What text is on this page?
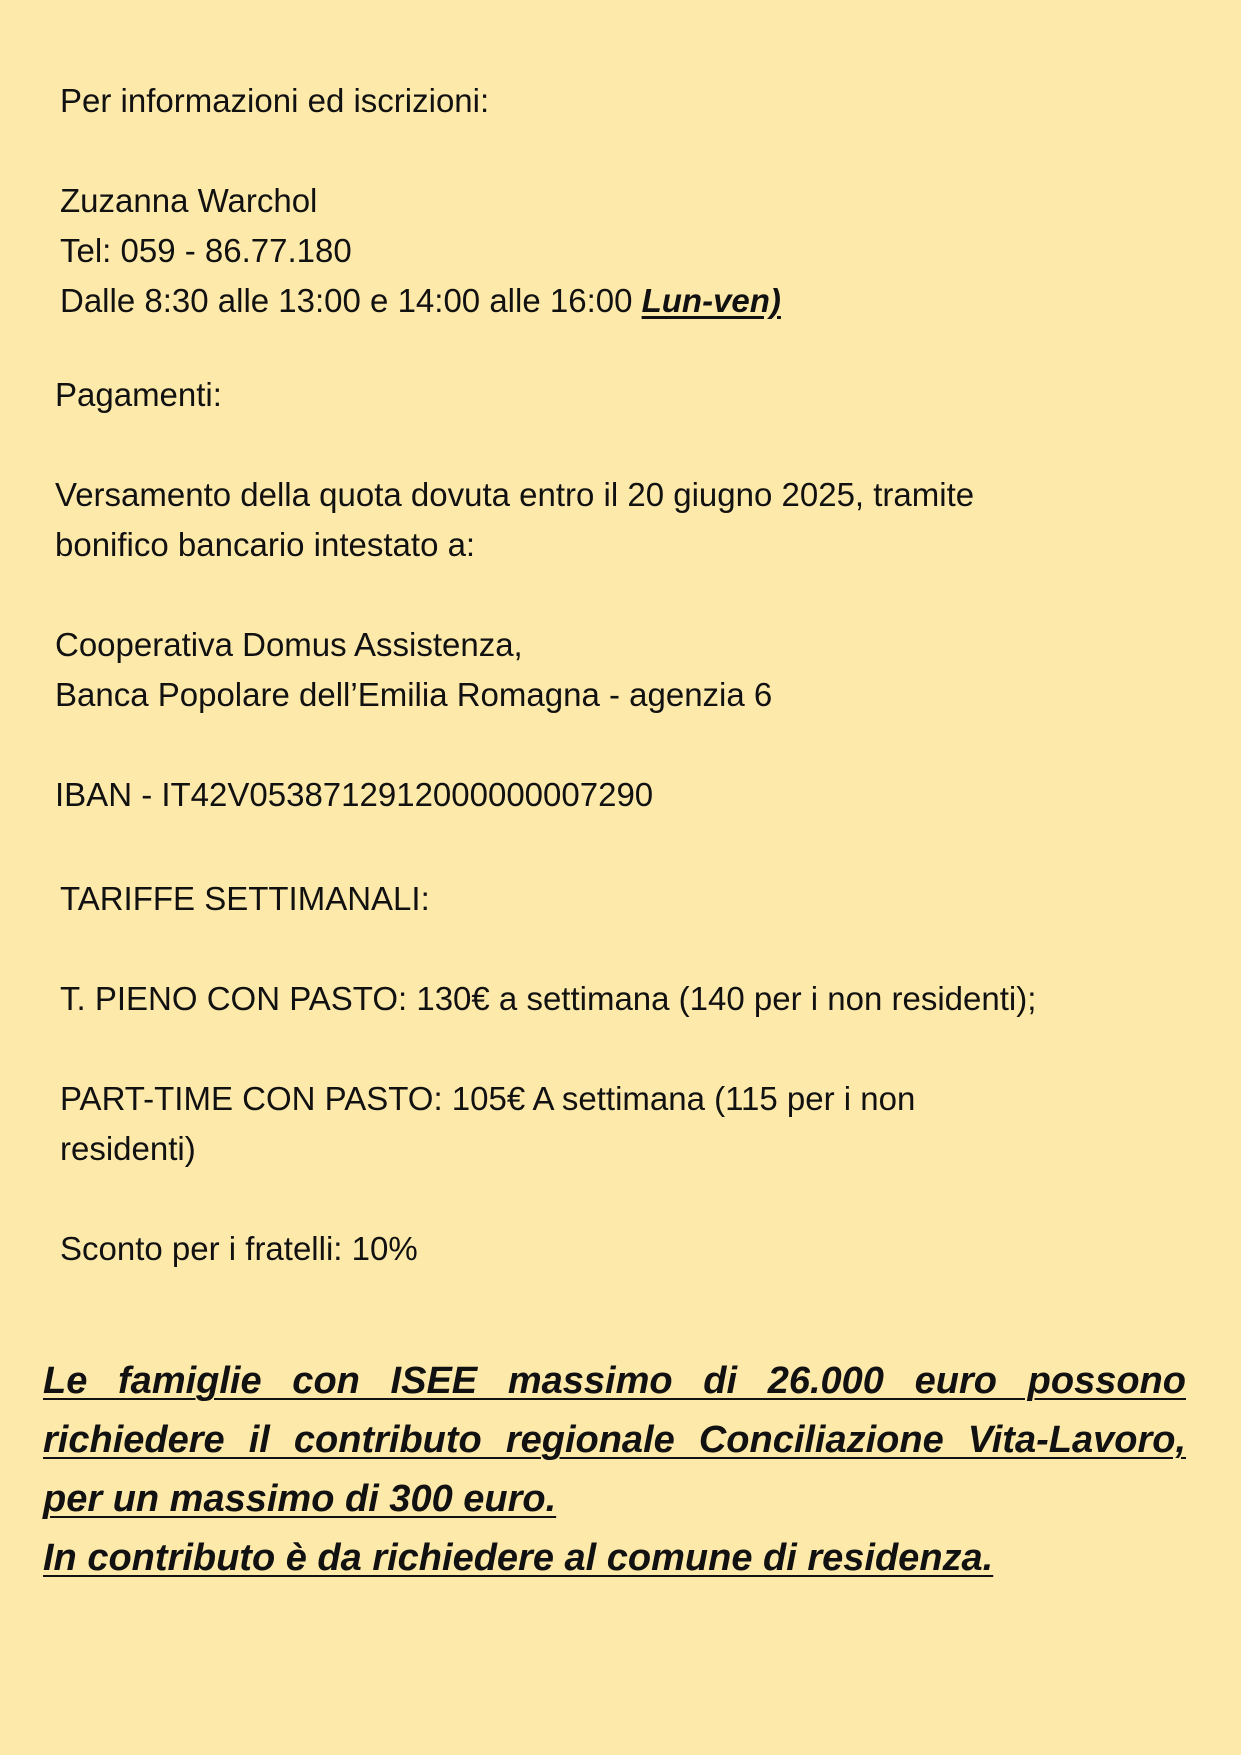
Per informazioni ed iscrizioni:

Zuzanna Warchol

Tel: 059 - 86.77.180

Dalle 8:30 alle 13:00 e 14:00 alle 16:00 Lun-ven)

Pagamenti:

Versamento della quota dovuta entro il 20 giugno 2025, tramite

bonifico bancario intestato a:

Cooperativa Domus Assistenza,

Banca Popolare dell’Emilia Romagna - agenzia 6

IBAN - IT42V0538712912000000007290

TARIFFE SETTIMANALI:

T. PIENO CON PASTO: 130€ a settimana (140 per i non residenti);

PART-TIME CON PASTO: 105€ A settimana (115 per i non

residenti)

Sconto per i fratelli: 10%

Le famiglie con ISEE massimo di 26.000 euro possono richiedere il contributo regionale Conciliazione Vita-Lavoro, per un massimo di 300 euro.
In contributo è da richiedere al comune di residenza.
